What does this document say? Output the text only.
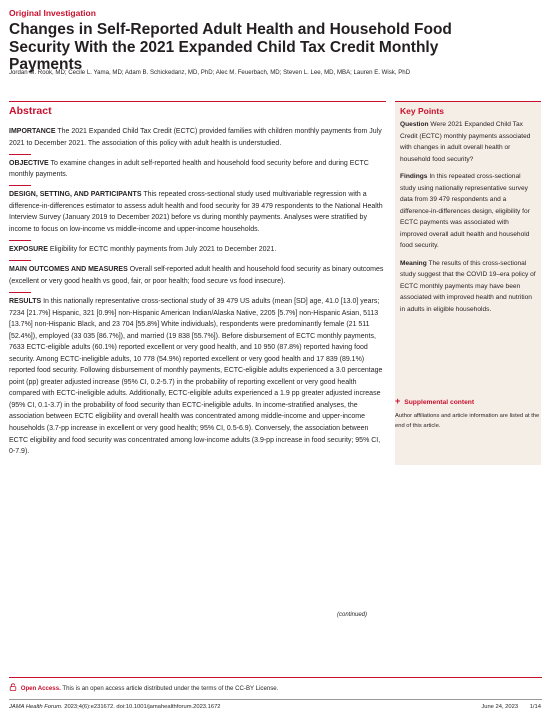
Original Investigation
Changes in Self-Reported Adult Health and Household Food Security With the 2021 Expanded Child Tax Credit Monthly Payments
Jordan M. Rook, MD; Cecile L. Yama, MD; Adam B. Schickedanz, MD, PhD; Alec M. Feuerbach, MD; Steven L. Lee, MD, MBA; Lauren E. Wisk, PhD
Abstract
IMPORTANCE The 2021 Expanded Child Tax Credit (ECTC) provided families with children monthly payments from July 2021 to December 2021. The association of this policy with adult health is understudied.
OBJECTIVE To examine changes in adult self-reported health and household food security before and during ECTC monthly payments.
DESIGN, SETTING, AND PARTICIPANTS This repeated cross-sectional study used multivariable regression with a difference-in-differences estimator to assess adult health and food security for 39 479 respondents to the National Health Interview Survey (January 2019 to December 2021) before vs during monthly payments. Analyses were stratified by income to focus on low-income vs middle-income and upper-income households.
EXPOSURE Eligibility for ECTC monthly payments from July 2021 to December 2021.
MAIN OUTCOMES AND MEASURES Overall self-reported adult health and household food security as binary outcomes (excellent or very good health vs good, fair, or poor health; food secure vs food insecure).
RESULTS In this nationally representative cross-sectional study of 39 479 US adults (mean [SD] age, 41.0 [13.0] years; 7234 [21.7%] Hispanic, 321 [0.9%] non-Hispanic American Indian/Alaska Native, 2205 [5.7%] non-Hispanic Asian, 5113 [13.7%] non-Hispanic Black, and 23 704 [55.8%] White individuals), respondents were predominantly female (21 511 [52.4%]), employed (33 035 [86.7%]), and married (19 838 [55.7%]). Before disbursement of ECTC monthly payments, 7633 ECTC-eligible adults (60.1%) reported excellent or very good health, and 10 950 (87.8%) reported having food security. Among ECTC-ineligible adults, 10 778 (54.9%) reported excellent or very good health and 17 839 (89.1%) reported food security. Following disbursement of monthly payments, ECTC-eligible adults experienced a 3.0 percentage point (pp) greater adjusted increase (95% CI, 0.2-5.7) in the probability of reporting excellent or very good health compared with ECTC-ineligible adults. Additionally, ECTC-eligible adults experienced a 1.9 pp greater adjusted increase (95% CI, 0.1-3.7) in the probability of food security than ECTC-ineligible adults. In income-stratified analyses, the association between ECTC eligibility and overall health was concentrated among middle-income and upper-income households (3.7-pp increase in excellent or very good health; 95% CI, 0.5-6.9). Conversely, the association between ECTC eligibility and food security was concentrated among low-income adults (3.9-pp increase in food security; 95% CI, 0-7.9).
(continued)
Key Points

Question Were 2021 Expanded Child Tax Credit (ECTC) monthly payments associated with changes in adult overall health or household food security?

Findings In this repeated cross-sectional study using nationally representative survey data from 39 479 respondents and a difference-in-differences design, eligibility for ECTC payments was associated with improved overall adult health and household food security.

Meaning The results of this cross-sectional study suggest that the COVID 19–era policy of ECTC monthly payments may have been associated with improved health and nutrition in adults in eligible households.

+ Supplemental content
Author affiliations and article information are listed at the end of this article.
Open Access. This is an open access article distributed under the terms of the CC-BY License.
JAMA Health Forum. 2023;4(6):e231672. doi:10.1001/jamahealthforum.2023.1672	June 24, 2023 1/14
